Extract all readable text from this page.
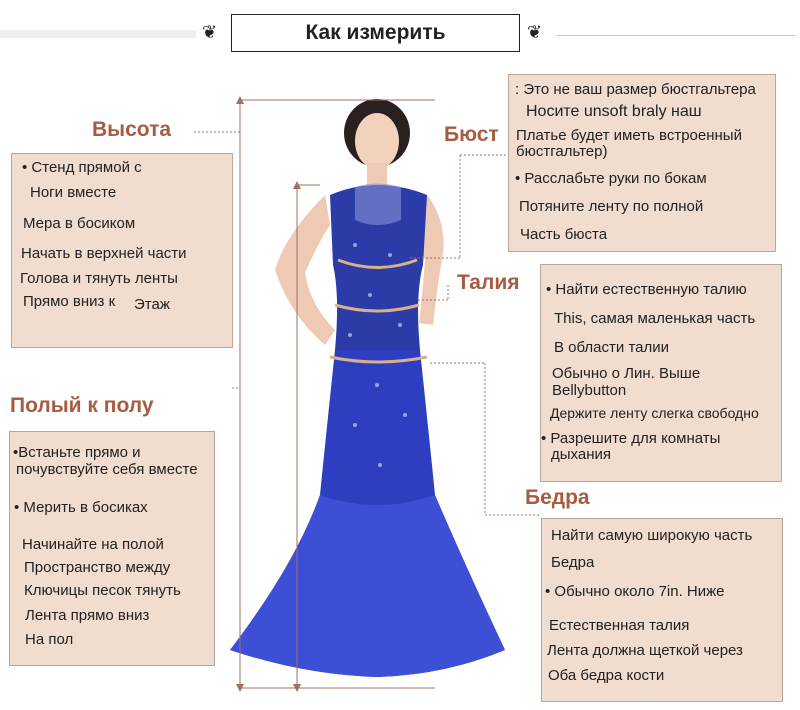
❦	Как измерить	❦
Высота
• Стенд прямой с
Ноги вместе
Мера в босиком
Начать в верхней части
Голова и тянуть ленты
Прямо вниз к Этаж
Полый к полу
•Встаньте прямо и
почувствуйте себя вместе
• Мерить в босиках
Начинайте на полой
Пространство между
Ключицы песок тянуть
Лента прямо вниз
На пол
Бюст
: Это не ваш размер бюстгальтера
Носите unsoft braly наш
Платье будет иметь встроенный
бюстгальтер)
• Расслабьте руки по бокам
Потяните ленту по полной
Часть бюста
Талия • Найти естественную талию
This, самая маленькая часть
В области талии
Обычно о Лин. Выше
Bellybutton
Держите ленту слегка свободно
• Разрешите для комнаты
дыхания
Бедра
Найти самую широкую часть
Бедра
• Обычно около 7in. Ниже
Естественная талия
Лента должна щеткой через
Оба бедра кости
